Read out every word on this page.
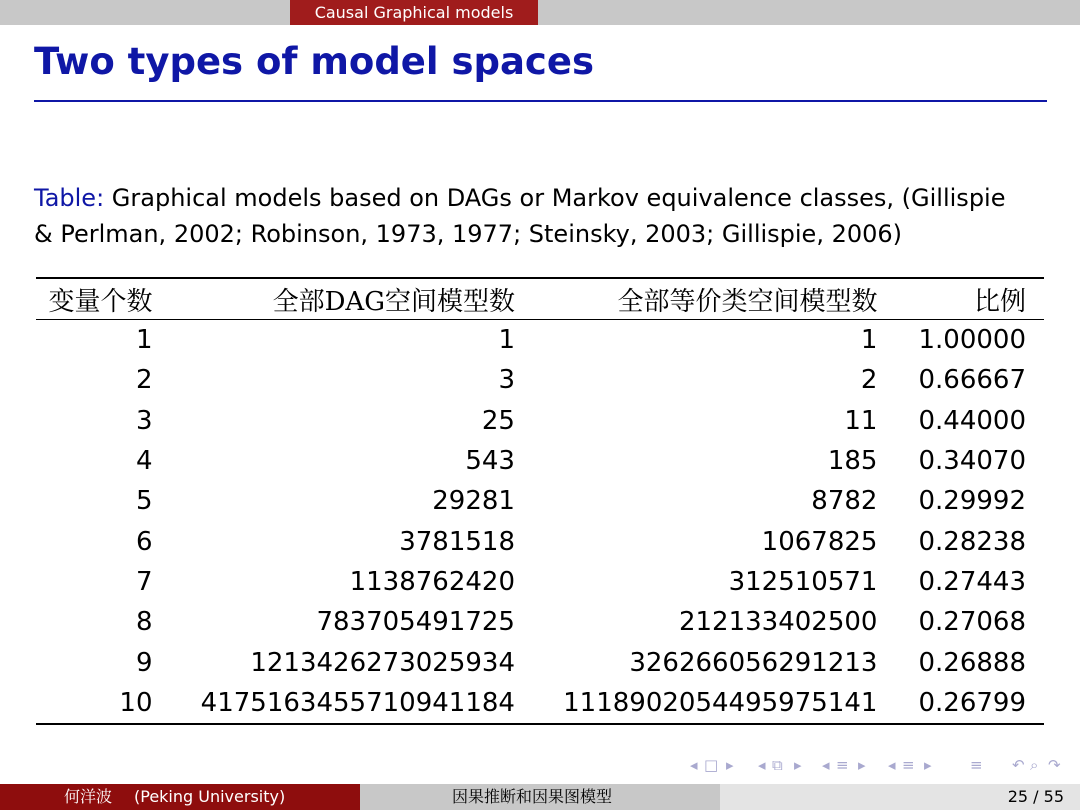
Causal Graphical models
Two types of model spaces
Table: Graphical models based on DAGs or Markov equivalence classes, (Gillispie
& Perlman, 2002; Robinson, 1973, 1977; Steinsky, 2003; Gillispie, 2006)
变量个数	全部DAG空间模型数	全部等价类空间模型数	比例
1	1	1	1.00000
2	3	2	0.66667
3	25	11	0.44000
4	543	185	0.34070
5	29281	8782	0.29992
6	3781518	1067825	0.28238
7	1138762420	312510571	0.27443
8	783705491725	212133402500	0.27068
9	1213426273025934	326266056291213	0.26888
10	4175163455710941184	1118902054495975141	0.26799
◂ □ ▸ ◂ ⧉ ▸ ◂ ≡ ▸ ◂ ≡ ▸	≡ ↶ ⌕ ↷
何洋波 (Peking University)	因果推断和因果图模型	25 / 55
